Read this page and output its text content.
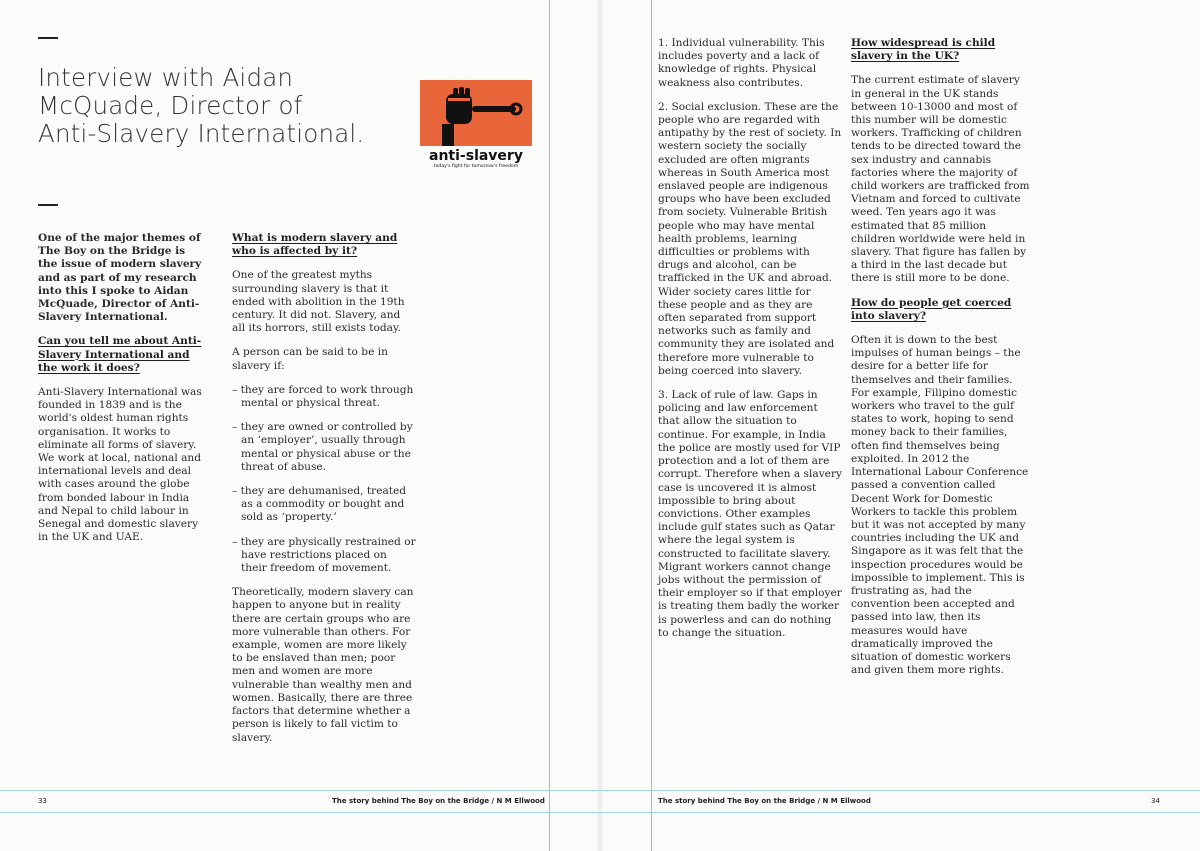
Interview with Aidan McQuade, Director of Anti-Slavery International.
anti-slavery
today's fight for tomorrow's freedom

One of the major themes of The Boy on the Bridge is the issue of modern slavery and as part of my research into this I spoke to Aidan McQuade, Director of Anti-Slavery International.

Can you tell me about Anti-Slavery International and the work it does?

Anti-Slavery International was founded in 1839 and is the world's oldest human rights organisation. It works to eliminate all forms of slavery. We work at local, national and international levels and deal with cases around the globe from bonded labour in India and Nepal to child labour in Senegal and domestic slavery in the UK and UAE.

What is modern slavery and who is affected by it?

One of the greatest myths surrounding slavery is that it ended with abolition in the 19th century. It did not. Slavery, and all its horrors, still exists today.

A person can be said to be in slavery if:

– they are forced to work through mental or physical threat.
– they are owned or controlled by an ‘employer’, usually through mental or physical abuse or the threat of abuse.
– they are dehumanised, treated as a commodity or bought and sold as ‘property.’
– they are physically restrained or have restrictions placed on their freedom of movement.

Theoretically, modern slavery can happen to anyone but in reality there are certain groups who are more vulnerable than others. For example, women are more likely to be enslaved than men; poor men and women are more vulnerable than wealthy men and women. Basically, there are three factors that determine whether a person is likely to fall victim to slavery.

33	The story behind The Boy on the Bridge / N M Ellwood

1. Individual vulnerability. This includes poverty and a lack of knowledge of rights. Physical weakness also contributes.

2. Social exclusion. These are the people who are regarded with antipathy by the rest of society. In western society the socially excluded are often migrants whereas in South America most enslaved people are indigenous groups who have been excluded from society. Vulnerable British people who may have mental health problems, learning difficulties or problems with drugs and alcohol, can be trafficked in the UK and abroad. Wider society cares little for these people and as they are often separated from support networks such as family and community they are isolated and therefore more vulnerable to being coerced into slavery.

3. Lack of rule of law. Gaps in policing and law enforcement that allow the situation to continue. For example, in India the police are mostly used for VIP protection and a lot of them are corrupt. Therefore when a slavery case is uncovered it is almost impossible to bring about convictions. Other examples include gulf states such as Qatar where the legal system is constructed to facilitate slavery. Migrant workers cannot change jobs without the permission of their employer so if that employer is treating them badly the worker is powerless and can do nothing to change the situation.

How widespread is child slavery in the UK?

The current estimate of slavery in general in the UK stands between 10-13000 and most of this number will be domestic workers. Trafficking of children tends to be directed toward the sex industry and cannabis factories where the majority of child workers are trafficked from Vietnam and forced to cultivate weed. Ten years ago it was estimated that 85 million children worldwide were held in slavery. That figure has fallen by a third in the last decade but there is still more to be done.

How do people get coerced into slavery?

Often it is down to the best impulses of human beings – the desire for a better life for themselves and their families. For example, Filipino domestic workers who travel to the gulf states to work, hoping to send money back to their families, often find themselves being exploited. In 2012 the International Labour Conference passed a convention called Decent Work for Domestic Workers to tackle this problem but it was not accepted by many countries including the UK and Singapore as it was felt that the inspection procedures would be impossible to implement. This is frustrating as, had the convention been accepted and passed into law, then its measures would have dramatically improved the situation of domestic workers and given them more rights.

The story behind The Boy on the Bridge / N M Ellwood	34
